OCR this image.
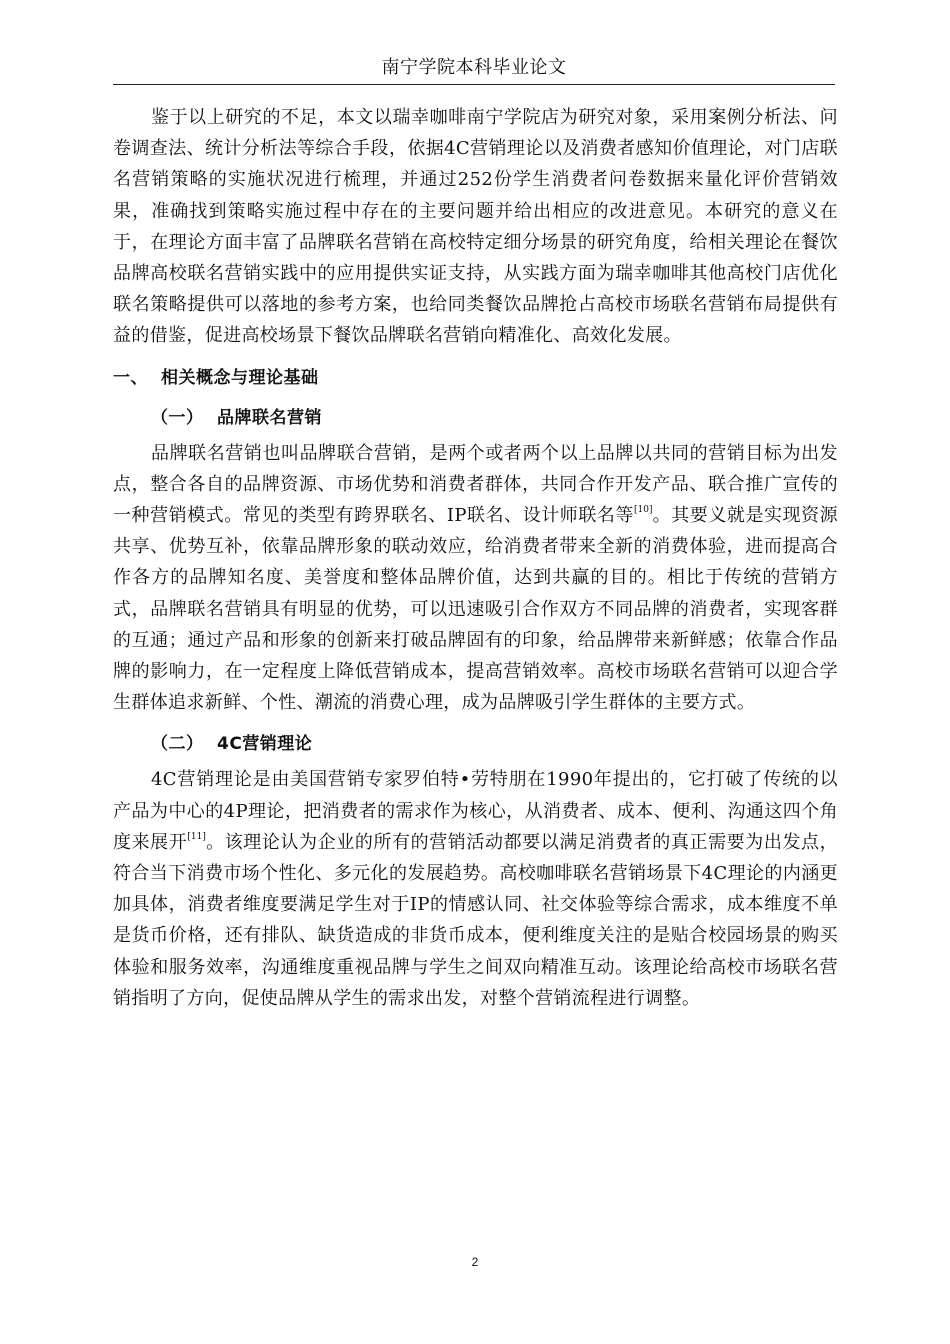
南宁学院本科毕业论文

鉴于以上研究的不足，本文以瑞幸咖啡南宁学院店为研究对象，采用案例分析法、问卷调查法、统计分析法等综合手段，依据4C营销理论以及消费者感知价值理论，对门店联名营销策略的实施状况进行梳理，并通过252份学生消费者问卷数据来量化评价营销效果，准确找到策略实施过程中存在的主要问题并给出相应的改进意见。本研究的意义在于，在理论方面丰富了品牌联名营销在高校特定细分场景的研究角度，给相关理论在餐饮品牌高校联名营销实践中的应用提供实证支持，从实践方面为瑞幸咖啡其他高校门店优化联名策略提供可以落地的参考方案，也给同类餐饮品牌抢占高校市场联名营销布局提供有益的借鉴，促进高校场景下餐饮品牌联名营销向精准化、高效化发展。

一、 相关概念与理论基础
（一） 品牌联名营销

品牌联名营销也叫品牌联合营销，是两个或者两个以上品牌以共同的营销目标为出发点，整合各自的品牌资源、市场优势和消费者群体，共同合作开发产品、联合推广宣传的一种营销模式。常见的类型有跨界联名、IP联名、设计师联名等[10]。其要义就是实现资源共享、优势互补，依靠品牌形象的联动效应，给消费者带来全新的消费体验，进而提高合作各方的品牌知名度、美誉度和整体品牌价值，达到共赢的目的。相比于传统的营销方式，品牌联名营销具有明显的优势，可以迅速吸引合作双方不同品牌的消费者，实现客群的互通；通过产品和形象的创新来打破品牌固有的印象，给品牌带来新鲜感；依靠合作品牌的影响力，在一定程度上降低营销成本，提高营销效率。高校市场联名营销可以迎合学生群体追求新鲜、个性、潮流的消费心理，成为品牌吸引学生群体的主要方式。

（二） 4C营销理论

4C营销理论是由美国营销专家罗伯特•劳特朋在1990年提出的，它打破了传统的以产品为中心的4P理论，把消费者的需求作为核心，从消费者、成本、便利、沟通这四个角度来展开[11]。该理论认为企业的所有的营销活动都要以满足消费者的真正需要为出发点，符合当下消费市场个性化、多元化的发展趋势。高校咖啡联名营销场景下4C理论的内涵更加具体，消费者维度要满足学生对于IP的情感认同、社交体验等综合需求，成本维度不单是货币价格，还有排队、缺货造成的非货币成本，便利维度关注的是贴合校园场景的购买体验和服务效率，沟通维度重视品牌与学生之间双向精准互动。该理论给高校市场联名营销指明了方向，促使品牌从学生的需求出发，对整个营销流程进行调整。

2
